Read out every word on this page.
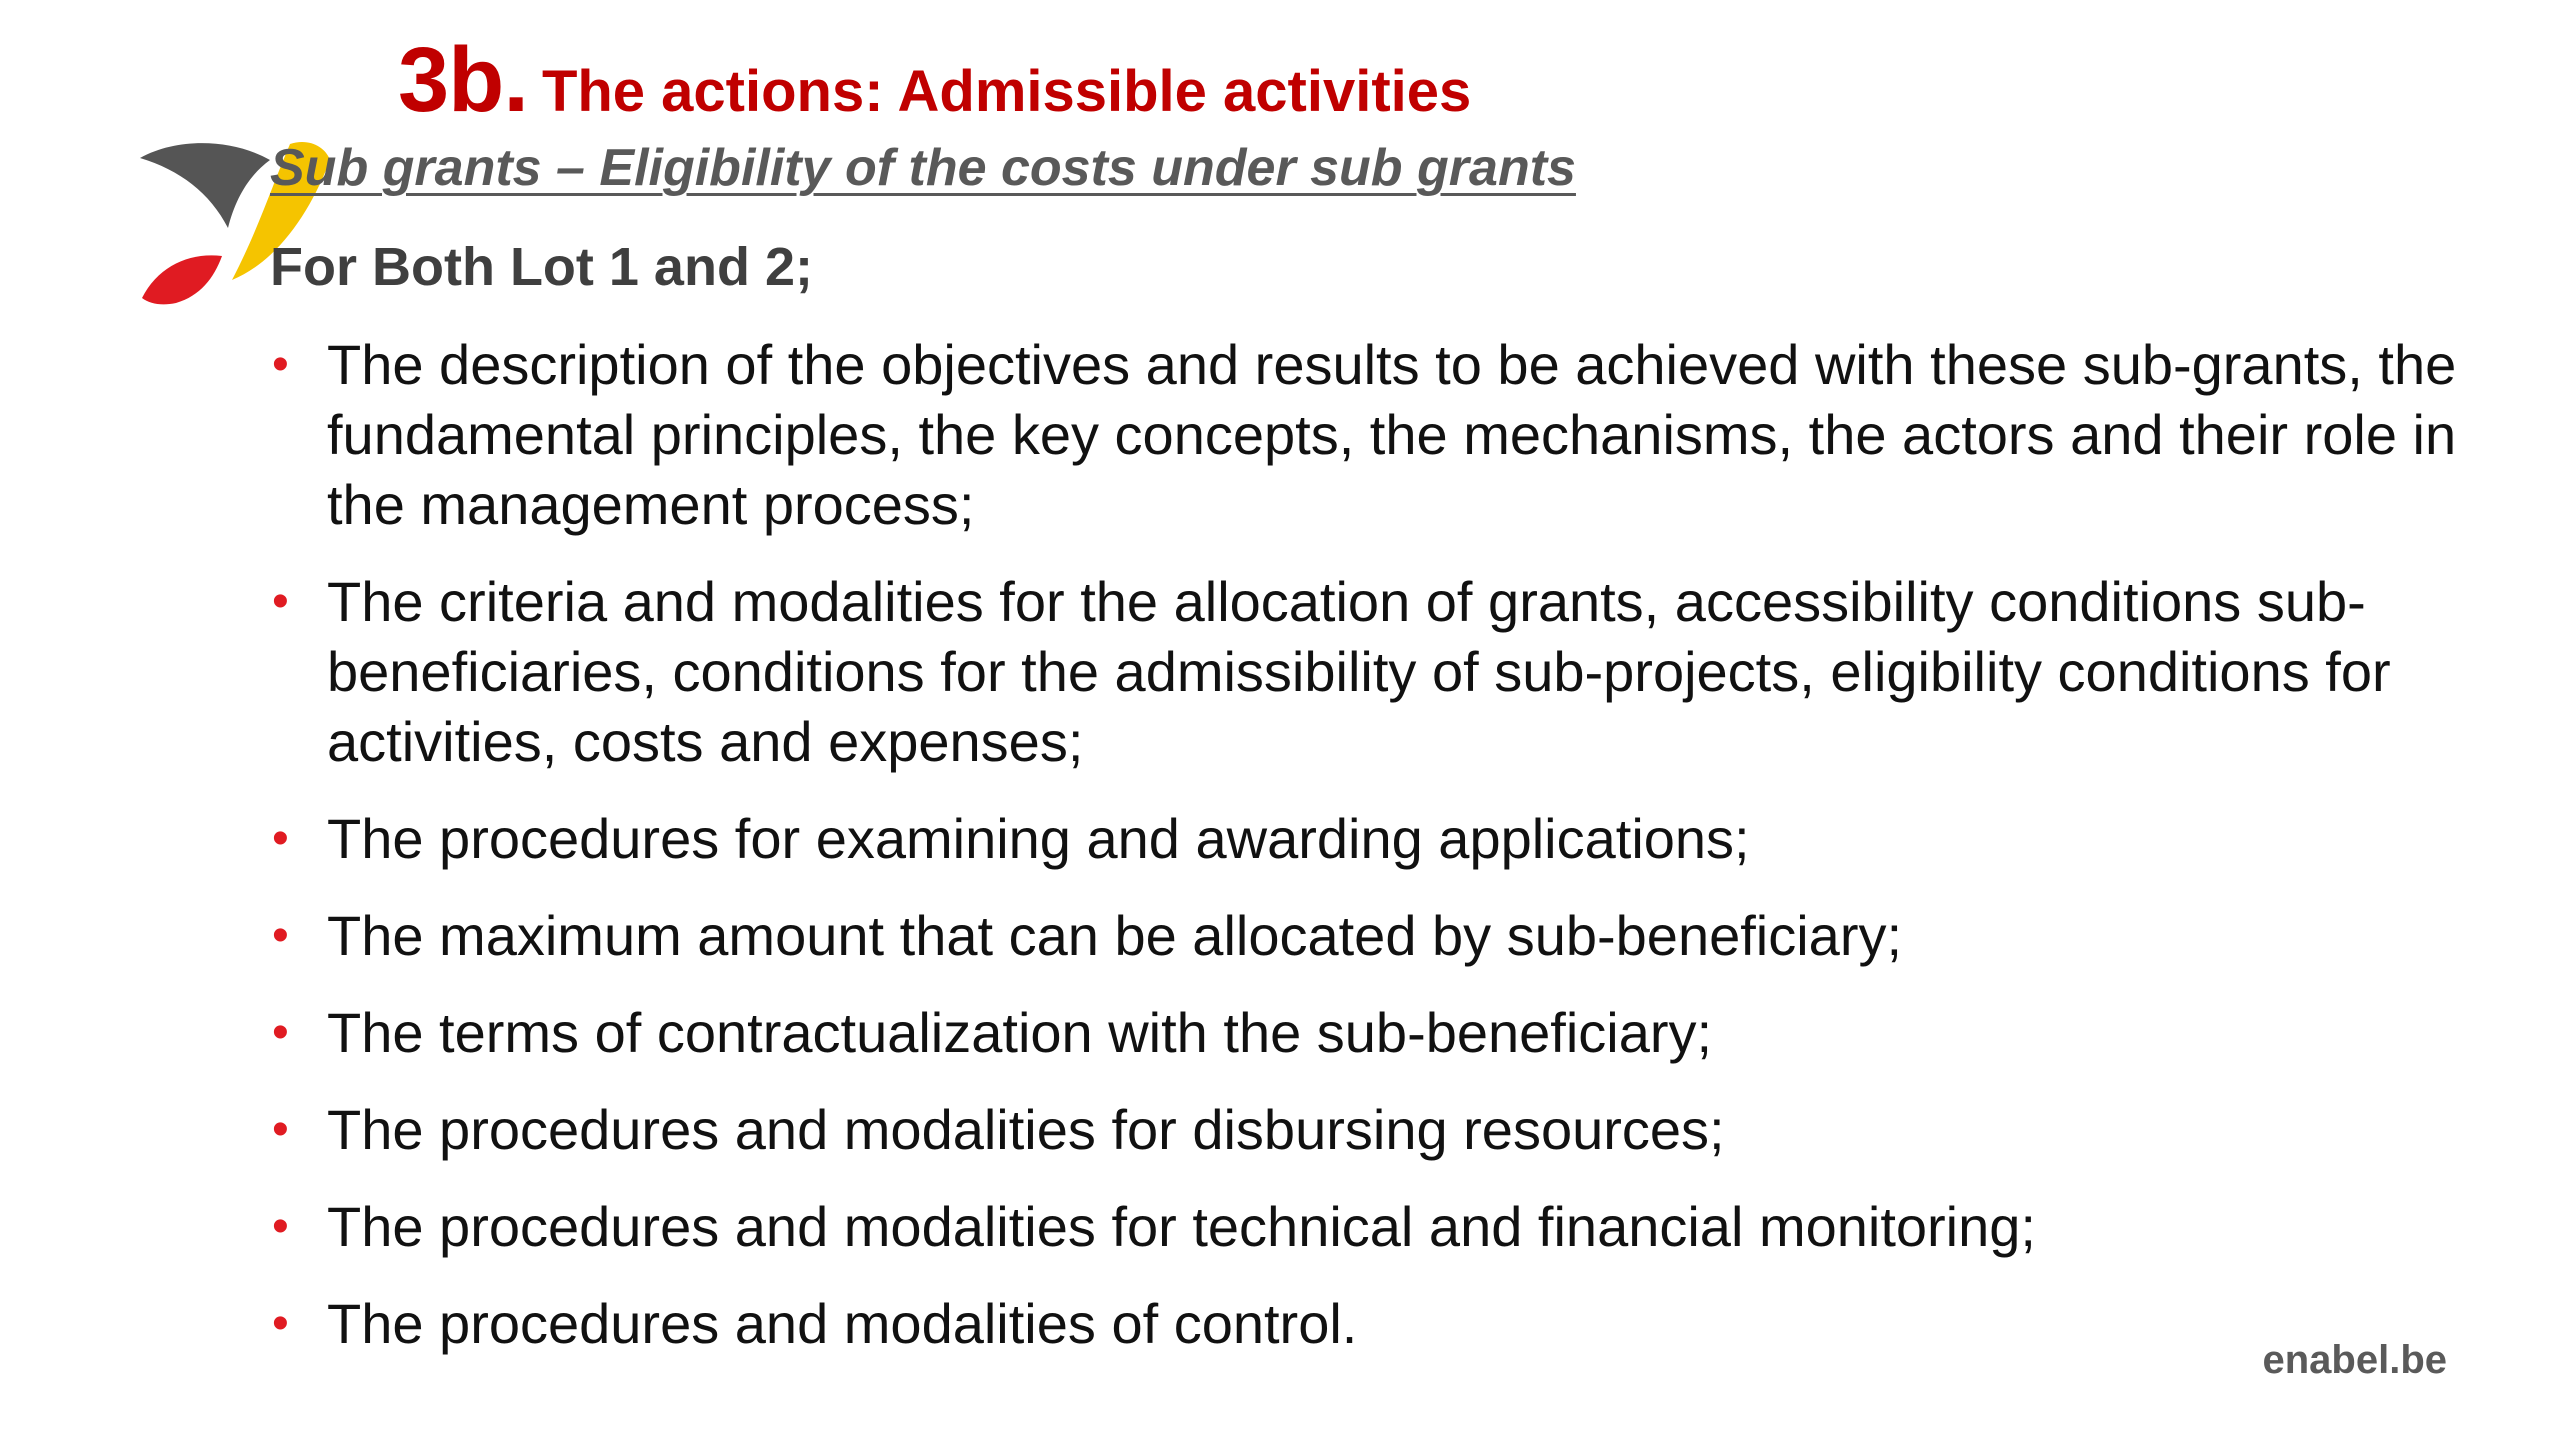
3b. The actions: Admissible activities
Sub grants – Eligibility of the costs under sub grants
For Both Lot 1 and 2;
• The description of the objectives and results to be achieved with these sub-grants, the fundamental principles, the key concepts, the mechanisms, the actors and their role in the management process;
• The criteria and modalities for the allocation of grants, accessibility conditions sub-beneficiaries, conditions for the admissibility of sub-projects, eligibility conditions for activities, costs and expenses;
• The procedures for examining and awarding applications;
• The maximum amount that can be allocated by sub-beneficiary;
• The terms of contractualization with the sub-beneficiary;
• The procedures and modalities for disbursing resources;
• The procedures and modalities for technical and financial monitoring;
• The procedures and modalities of control.
enabel.be
